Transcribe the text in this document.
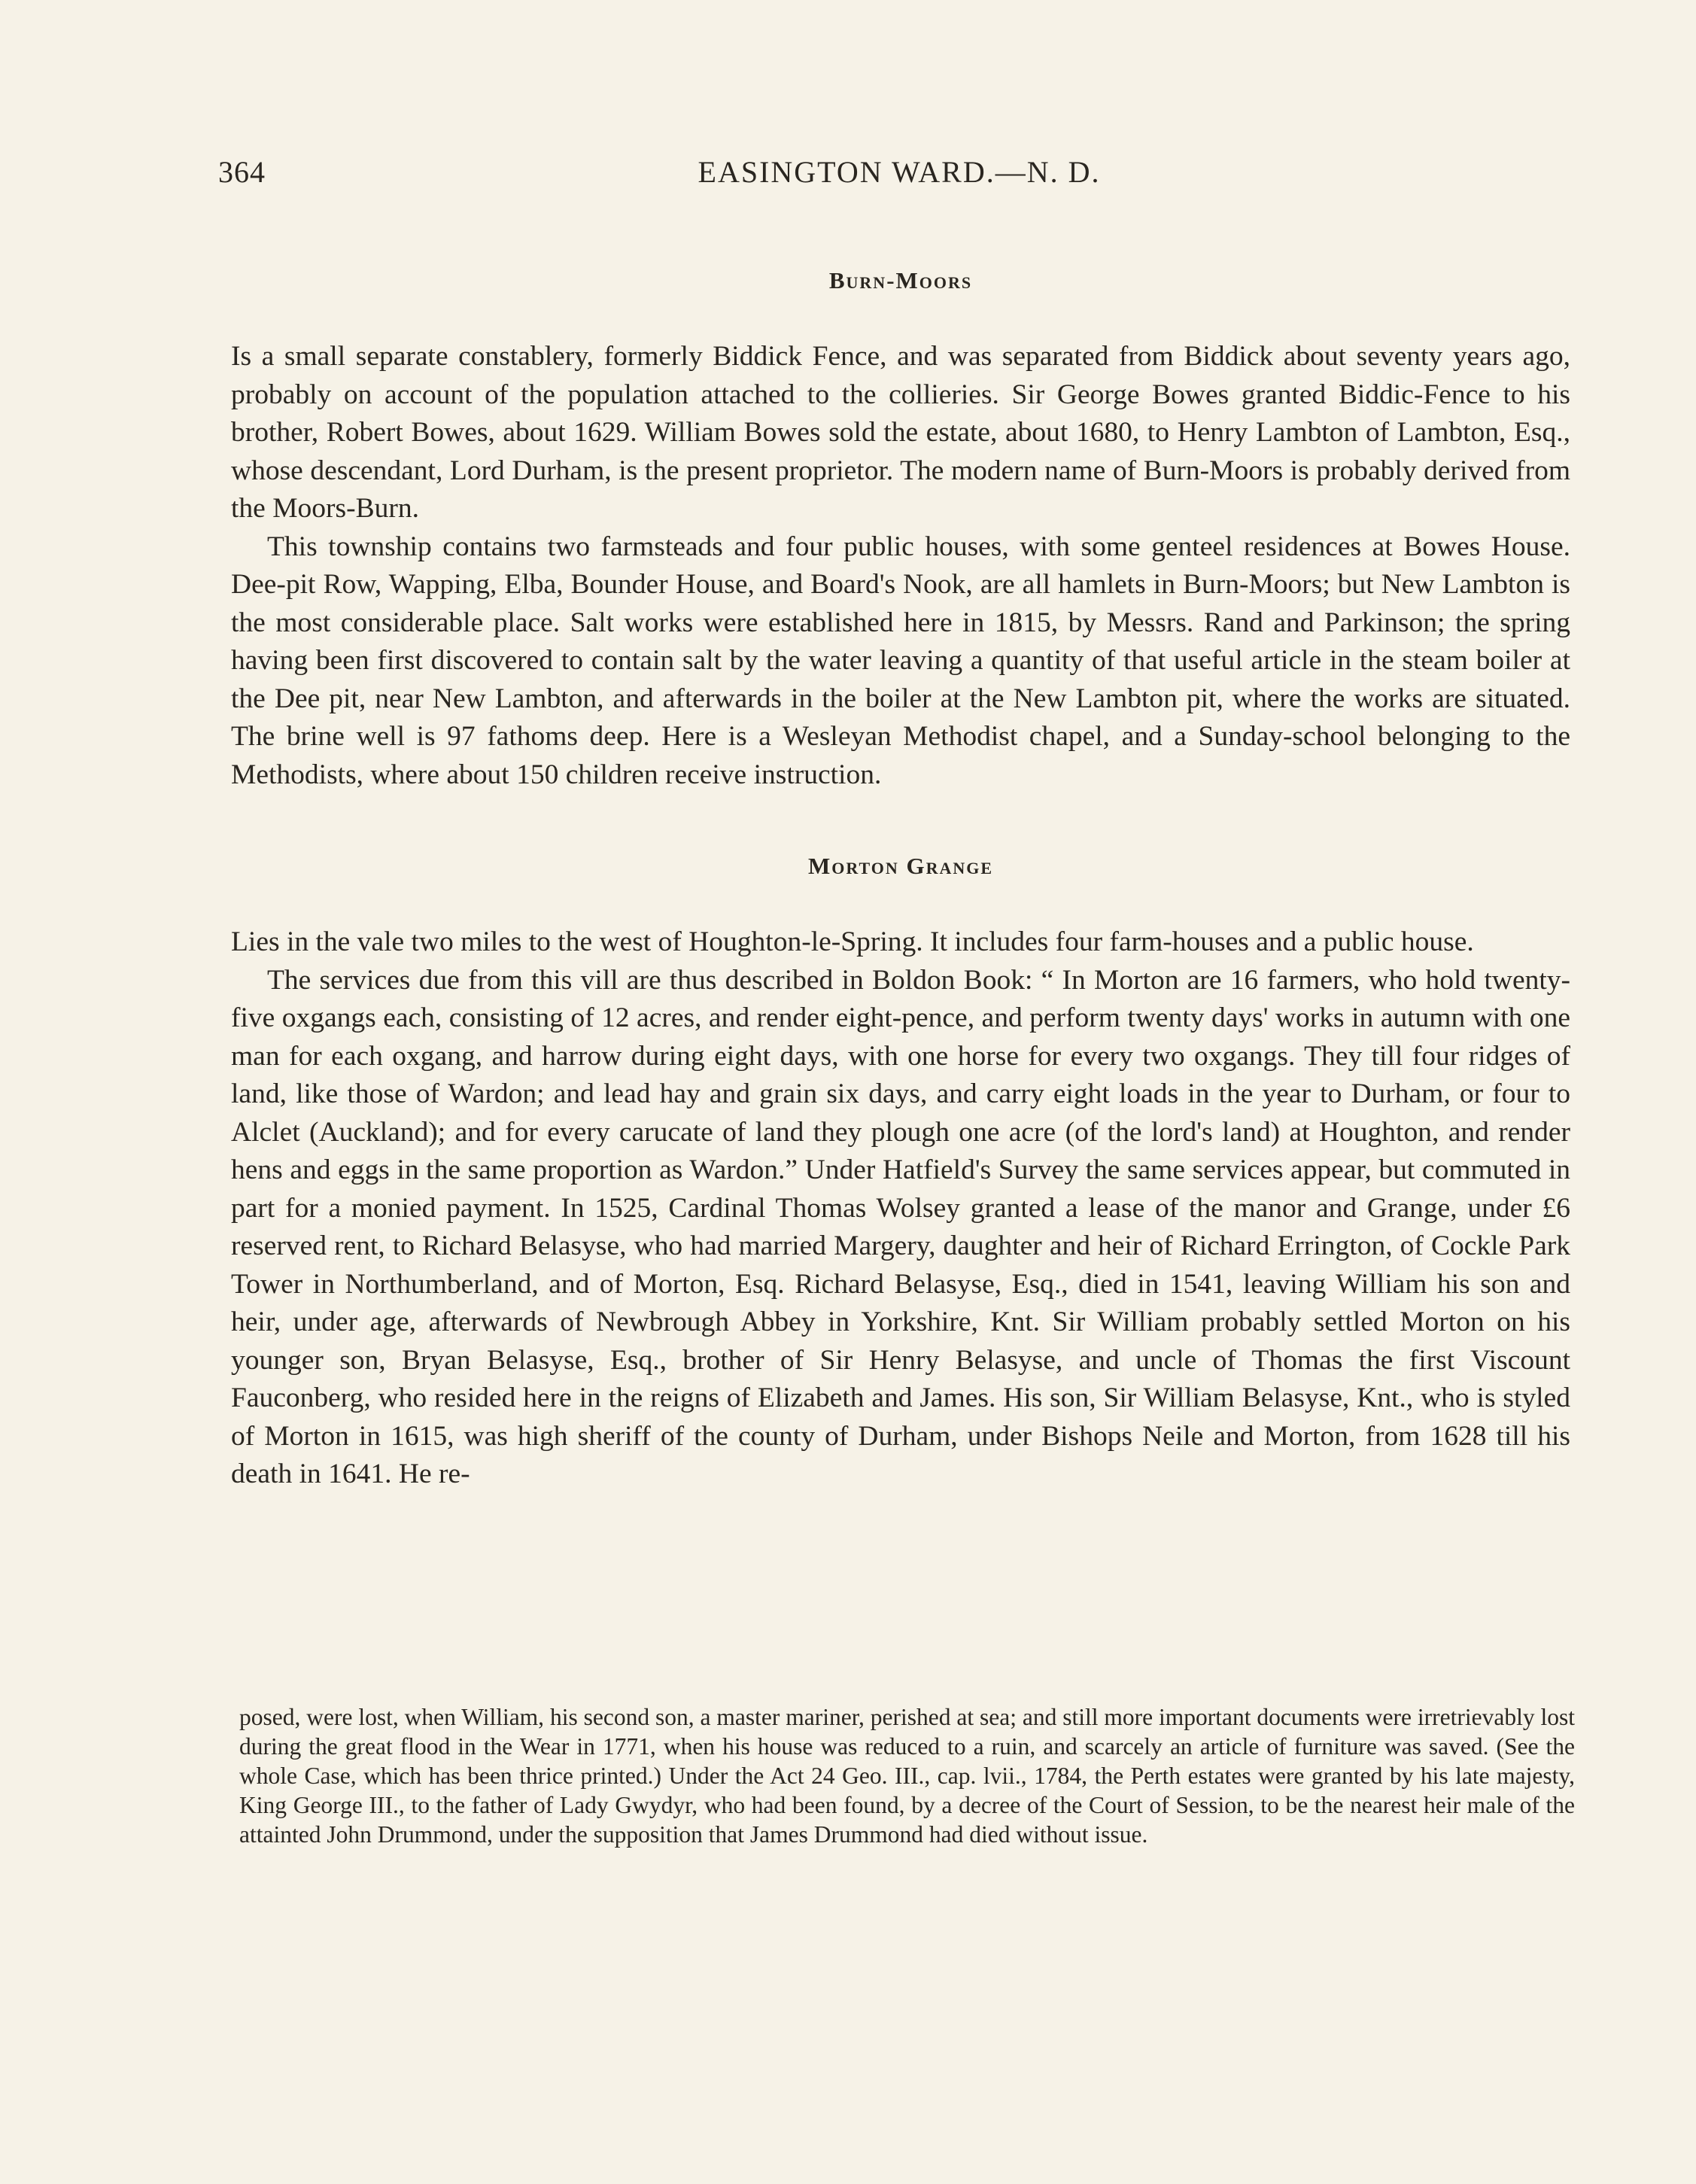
364	EASINGTON WARD.—N. D.
Burn-Moors

Is a small separate constablery, formerly Biddick Fence, and was separated from Biddick about seventy years ago, probably on account of the population attached to the collieries. Sir George Bowes granted Biddic-Fence to his brother, Robert Bowes, about 1629. William Bowes sold the estate, about 1680, to Henry Lambton of Lambton, Esq., whose descendant, Lord Durham, is the present proprietor. The modern name of Burn-Moors is probably derived from the Moors-Burn.

This township contains two farmsteads and four public houses, with some genteel residences at Bowes House. Dee-pit Row, Wapping, Elba, Bounder House, and Board's Nook, are all hamlets in Burn-Moors; but New Lambton is the most considerable place. Salt works were established here in 1815, by Messrs. Rand and Parkinson; the spring having been first discovered to contain salt by the water leaving a quantity of that useful article in the steam boiler at the Dee pit, near New Lambton, and afterwards in the boiler at the New Lambton pit, where the works are situated. The brine well is 97 fathoms deep. Here is a Wesleyan Methodist chapel, and a Sunday-school belonging to the Methodists, where about 150 children receive instruction.

Morton Grange

Lies in the vale two miles to the west of Houghton-le-Spring. It includes four farm-houses and a public house.

The services due from this vill are thus described in Boldon Book: “ In Morton are 16 farmers, who hold twenty-five oxgangs each, consisting of 12 acres, and render eight-pence, and perform twenty days' works in autumn with one man for each oxgang, and harrow during eight days, with one horse for every two oxgangs. They till four ridges of land, like those of Wardon; and lead hay and grain six days, and carry eight loads in the year to Durham, or four to Alclet (Auckland); and for every carucate of land they plough one acre (of the lord's land) at Houghton, and render hens and eggs in the same proportion as Wardon.” Under Hatfield's Survey the same services appear, but commuted in part for a monied payment. In 1525, Cardinal Thomas Wolsey granted a lease of the manor and Grange, under £6 reserved rent, to Richard Belasyse, who had married Margery, daughter and heir of Richard Errington, of Cockle Park Tower in Northumberland, and of Morton, Esq. Richard Belasyse, Esq., died in 1541, leaving William his son and heir, under age, afterwards of Newbrough Abbey in Yorkshire, Knt. Sir William probably settled Morton on his younger son, Bryan Belasyse, Esq., brother of Sir Henry Belasyse, and uncle of Thomas the first Viscount Fauconberg, who resided here in the reigns of Elizabeth and James. His son, Sir William Belasyse, Knt., who is styled of Morton in 1615, was high sheriff of the county of Durham, under Bishops Neile and Morton, from 1628 till his death in 1641. He re-

posed, were lost, when William, his second son, a master mariner, perished at sea; and still more important documents were irretrievably lost during the great flood in the Wear in 1771, when his house was reduced to a ruin, and scarcely an article of furniture was saved. (See the whole Case, which has been thrice printed.) Under the Act 24 Geo. III., cap. lvii., 1784, the Perth estates were granted by his late majesty, King George III., to the father of Lady Gwydyr, who had been found, by a decree of the Court of Session, to be the nearest heir male of the attainted John Drummond, under the supposition that James Drummond had died without issue.
